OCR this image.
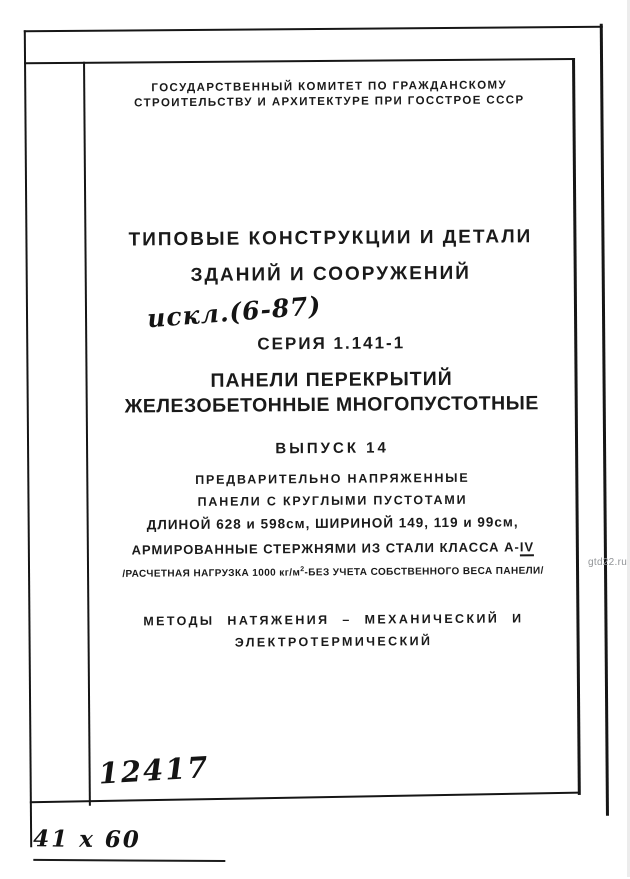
ГОСУДАРСТВЕННЫЙ КОМИТЕТ ПО ГРАЖДАНСКОМУ
СТРОИТЕЛЬСТВУ И АРХИТЕКТУРЕ ПРИ ГОССТРОЕ СССР
ТИПОВЫЕ КОНСТРУКЦИИ И ДЕТАЛИ
ЗДАНИЙ И СООРУЖЕНИЙ
СЕРИЯ 1.141-1
ПАНЕЛИ ПЕРЕКРЫТИЙ
ЖЕЛЕЗОБЕТОННЫЕ МНОГОПУСТОТНЫЕ
ВЫПУСК 14
ПРЕДВАРИТЕЛЬНО НАПРЯЖЕННЫЕ
ПАНЕЛИ С КРУГЛЫМИ ПУСТОТАМИ
ДЛИНОЙ 628 и 598см, ШИРИНОЙ 149, 119 и 99см,
АРМИРОВАННЫЕ СТЕРЖНЯМИ ИЗ СТАЛИ КЛАССА А-IV
/РАСЧЕТНАЯ НАГРУЗКА 1000 $кг/м^2$-БЕЗ УЧЕТА СОБСТВЕННОГО ВЕСА ПАНЕЛИ/
МЕТОДЫ НАТЯЖЕНИЯ – МЕХАНИЧЕСКИЙ И
ЭЛЕКТРОТЕРМИЧЕСКИЙ
искл.(6-87)
12417
41 х 60
gtd22.ru
